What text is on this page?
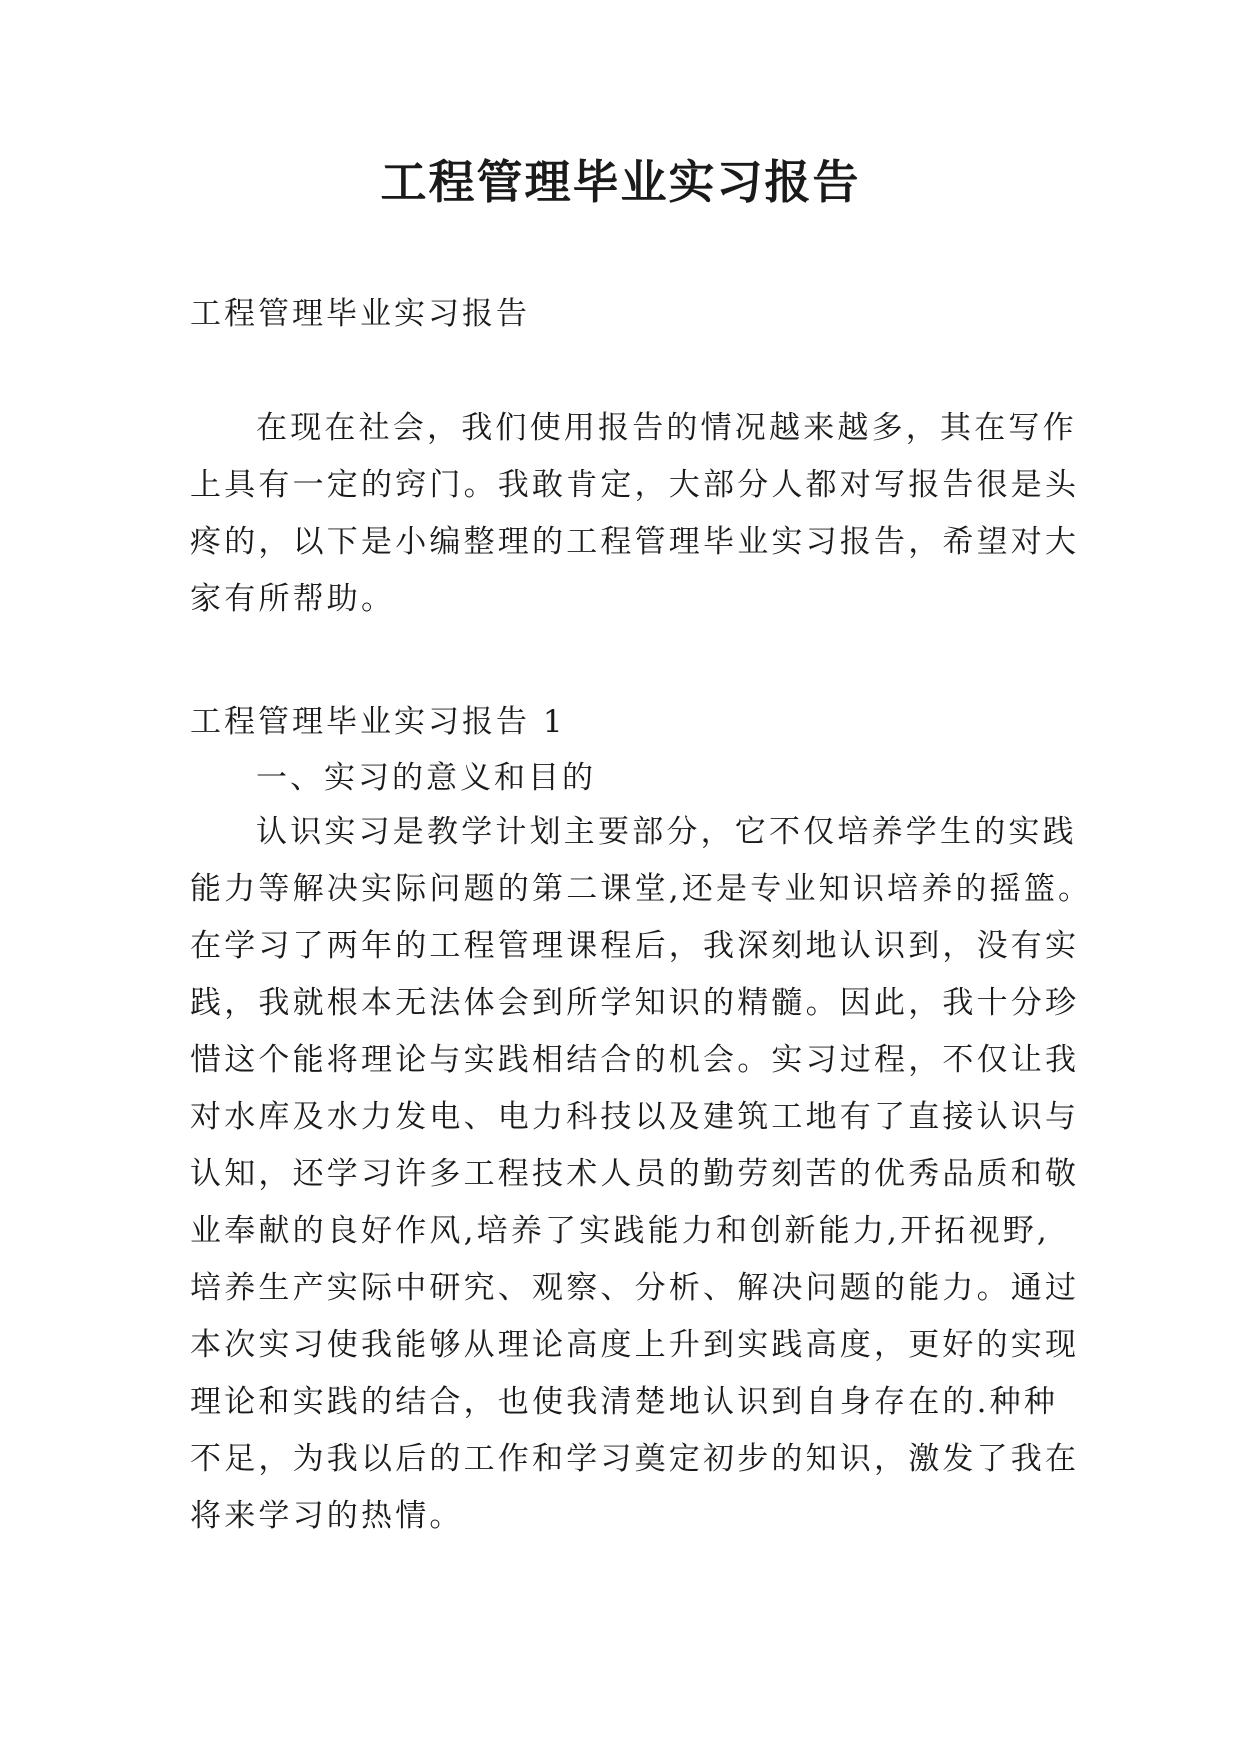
工程管理毕业实习报告
工程管理毕业实习报告
在现在社会，我们使用报告的情况越来越多，其在写作
上具有一定的窍门。我敢肯定，大部分人都对写报告很是头
疼的，以下是小编整理的工程管理毕业实习报告，希望对大
家有所帮助。
工程管理毕业实习报告 1
一、实习的意义和目的
认识实习是教学计划主要部分，它不仅培养学生的实践
能力等解决实际问题的第二课堂,还是专业知识培养的摇篮。
在学习了两年的工程管理课程后，我深刻地认识到，没有实
践，我就根本无法体会到所学知识的精髓。因此，我十分珍
惜这个能将理论与实践相结合的机会。实习过程，不仅让我
对水库及水力发电、电力科技以及建筑工地有了直接认识与
认知，还学习许多工程技术人员的勤劳刻苦的优秀品质和敬
业奉献的良好作风,培养了实践能力和创新能力,开拓视野,
培养生产实际中研究、观察、分析、解决问题的能力。通过
本次实习使我能够从理论高度上升到实践高度，更好的实现
理论和实践的结合，也使我清楚地认识到自身存在的.种种
不足，为我以后的工作和学习奠定初步的知识，激发了我在
将来学习的热情。
